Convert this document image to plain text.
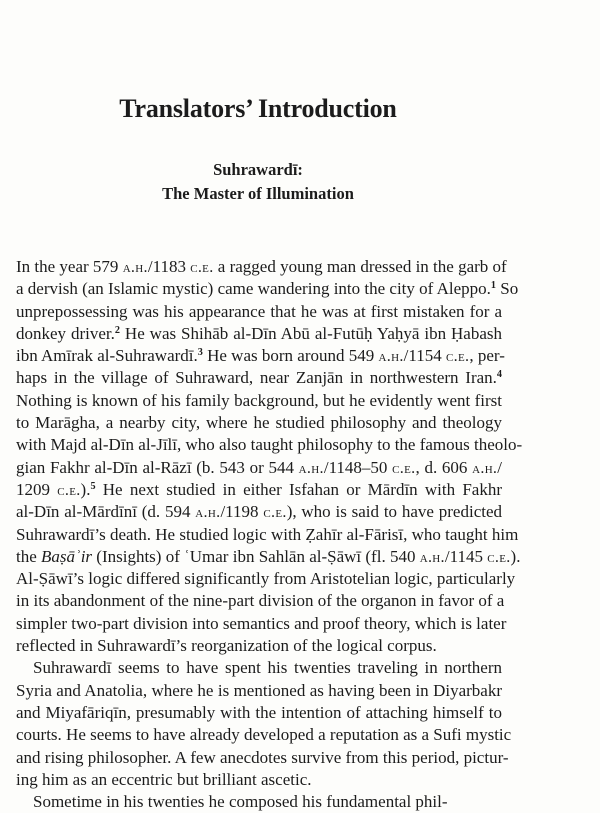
Translators’ Introduction
Suhrawardī:
The Master of Illumination
In the year 579 a.h./1183 c.e. a ragged young man dressed in the garb of
a dervish (an Islamic mystic) came wandering into the city of Aleppo.$^1$ So
unprepossessing was his appearance that he was at first mistaken for a
donkey driver.$^2$ He was Shihāb al-Dīn Abū al-Futūḥ Yaḥyā ibn Ḥabash
ibn Amīrak al-Suhrawardī.$^3$ He was born around 549 a.h./1154 c.e., per-
haps in the village of Suhraward, near Zanjān in northwestern Iran.$^4$
Nothing is known of his family background, but he evidently went first
to Marāgha, a nearby city, where he studied philosophy and theology
with Majd al-Dīn al-Jīlī, who also taught philosophy to the famous theolo-
gian Fakhr al-Dīn al-Rāzī (b. 543 or 544 a.h./1148–50 c.e., d. 606 a.h./
1209 c.e.).$^5$ He next studied in either Isfahan or Mārdīn with Fakhr
al-Dīn al-Mārdīnī (d. 594 a.h./1198 c.e.), who is said to have predicted
Suhrawardī’s death. He studied logic with Ẓahīr al-Fārisī, who taught him
the Baṣāʾir (Insights) of ʿUmar ibn Sahlān al-Ṣāwī (fl. 540 a.h./1145 c.e.).
Al-Ṣāwī’s logic differed significantly from Aristotelian logic, particularly
in its abandonment of the nine-part division of the organon in favor of a
simpler two-part division into semantics and proof theory, which is later
reflected in Suhrawardī’s reorganization of the logical corpus.
Suhrawardī seems to have spent his twenties traveling in northern
Syria and Anatolia, where he is mentioned as having been in Diyarbakr
and Miyafāriqīn, presumably with the intention of attaching himself to
courts. He seems to have already developed a reputation as a Sufi mystic
and rising philosopher. A few anecdotes survive from this period, pictur-
ing him as an eccentric but brilliant ascetic.
Sometime in his twenties he composed his fundamental phil-
